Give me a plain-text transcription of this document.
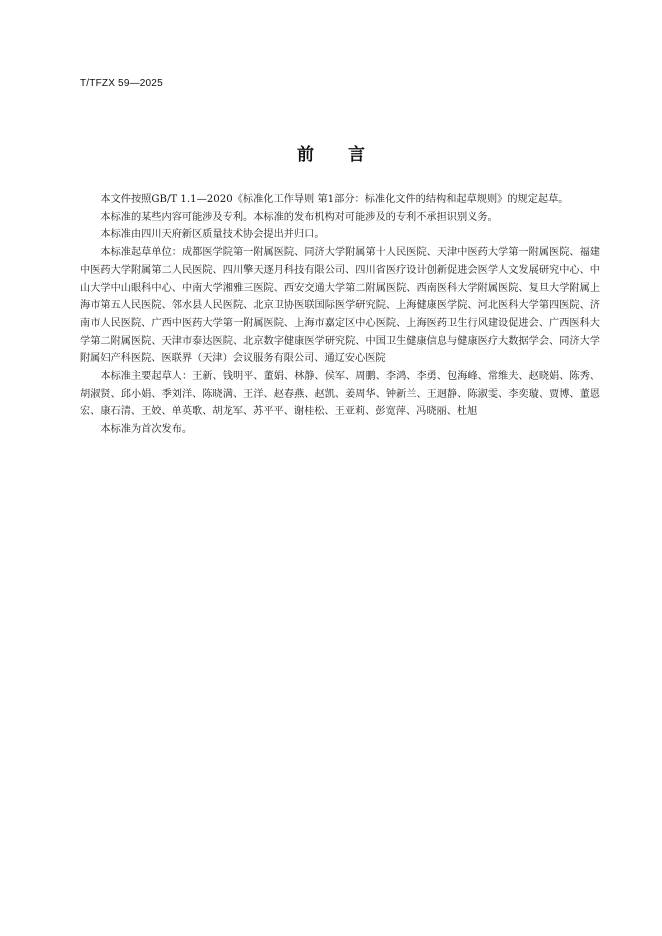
T/TFZX 59—2025
前言

本文件按照GB/T 1.1—2020《标准化工作导则 第1部分：标准化文件的结构和起草规则》的规定起草。

本标准的某些内容可能涉及专利。本标准的发布机构对可能涉及的专利不承担识别义务。

本标准由四川天府新区质量技术协会提出并归口。

本标准起草单位：成都医学院第一附属医院、同济大学附属第十人民医院、天津中医药大学第一附属医院、福建中医药大学附属第二人民医院、四川擎天逐月科技有限公司、四川省医疗设计创新促进会医学人文发展研究中心、中山大学中山眼科中心、中南大学湘雅三医院、西安交通大学第二附属医院、西南医科大学附属医院、复旦大学附属上海市第五人民医院、邻水县人民医院、北京卫协医联国际医学研究院、上海健康医学院、河北医科大学第四医院、济南市人民医院、广西中医药大学第一附属医院、上海市嘉定区中心医院、上海医药卫生行风建设促进会、广西医科大学第二附属医院、天津市泰达医院、北京数字健康医学研究院、中国卫生健康信息与健康医疗大数据学会、同济大学附属妇产科医院、医联界（天津）会议服务有限公司、通辽安心医院

本标准主要起草人：王新、钱明平、董娟、林静、侯军、周鹏、李鸿、李勇、包海峰、常维夫、赵晓娟、陈秀、胡淑贤、邱小娟、季刘洋、陈晓满、王洋、赵春燕、赵凯、姜周华、钟新兰、王迥静、陈淑雯、李奕璇、贾博、董恩宏、康石清、王姣、单英歌、胡龙军、苏平平、谢桂松、王亚莉、彭宽萍、冯晓丽、杜旭

本标准为首次发布。
